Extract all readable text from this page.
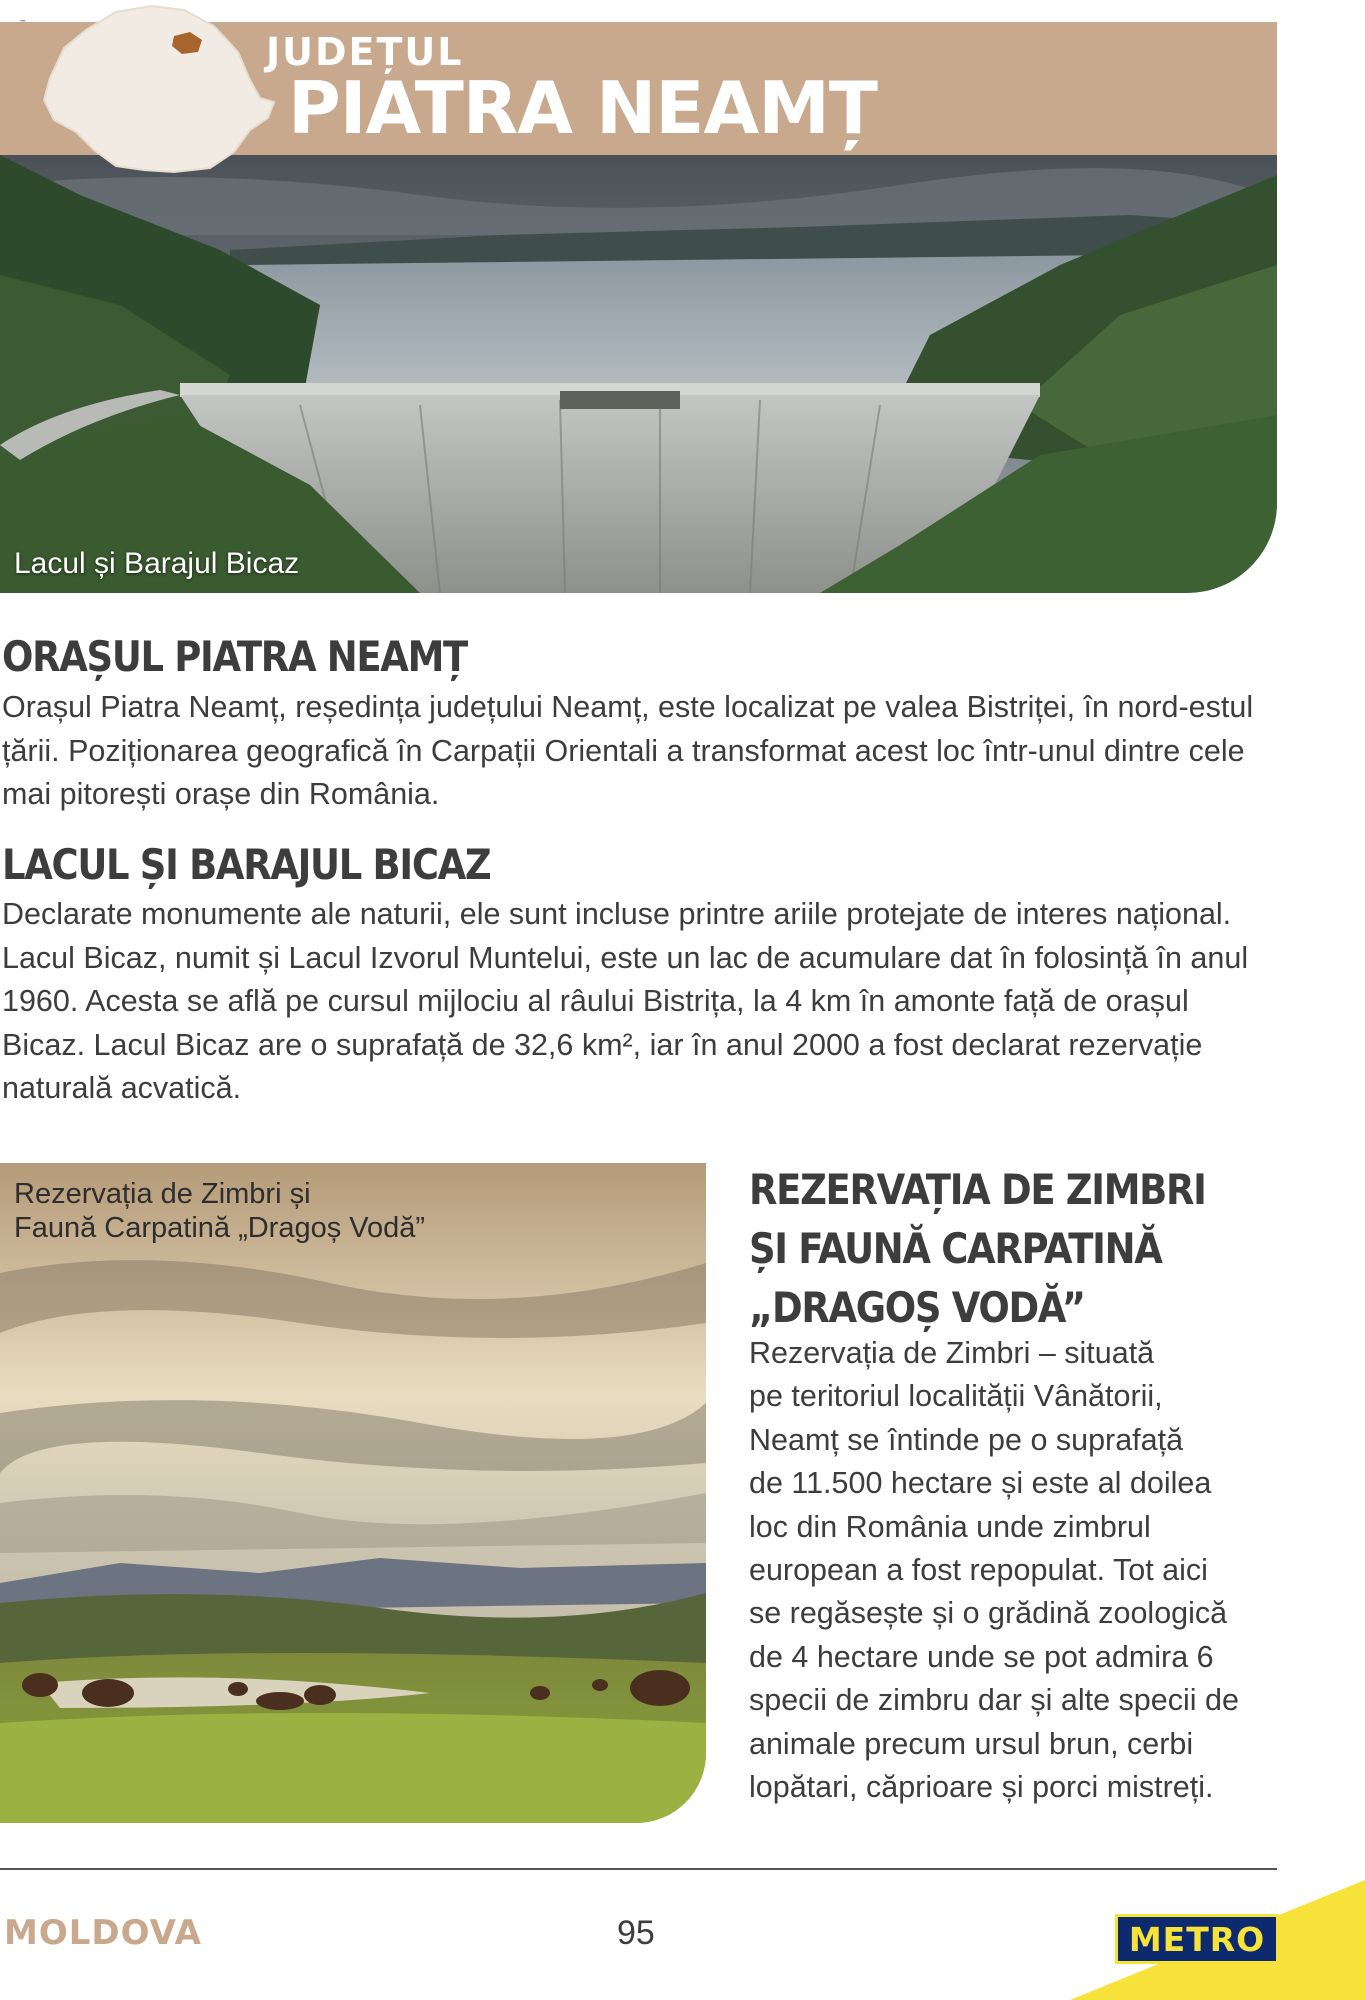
JUDEȚUL
PIATRA NEAMȚ
Lacul și Barajul Bicaz
ORAȘUL PIATRA NEAMȚ

Orașul Piatra Neamț, reședința județului Neamț, este localizat pe valea Bistriței, în nord-estul țării. Poziționarea geografică în Carpații Orientali a transformat acest loc într-unul dintre cele mai pitorești orașe din România.

LACUL ȘI BARAJUL BICAZ

Declarate monumente ale naturii, ele sunt incluse printre ariile protejate de interes național. Lacul Bicaz, numit și Lacul Izvorul Muntelui, este un lac de acumulare dat în folosință în anul 1960. Acesta se află pe cursul mijlociu al râului Bistrița, la 4 km în amonte față de orașul Bicaz. Lacul Bicaz are o suprafață de 32,6 km², iar în anul 2000 a fost declarat rezervație naturală acvatică.

Rezervația de Zimbri și
Faună Carpatină „Dragoș Vodă”
REZERVAȚIA DE ZIMBRI
ȘI FAUNĂ CARPATINĂ
„DRAGOȘ VODĂ”

Rezervația de Zimbri – situată
pe teritoriul localității Vânătorii,
Neamț se întinde pe o suprafață
de 11.500 hectare și este al doilea
loc din România unde zimbrul
european a fost repopulat. Tot aici
se regăsește și o grădină zoologică
de 4 hectare unde se pot admira 6
specii de zimbru dar și alte specii de
animale precum ursul brun, cerbi
lopătari, căprioare și porci mistreți.

MOLDOVA	95	METRO
